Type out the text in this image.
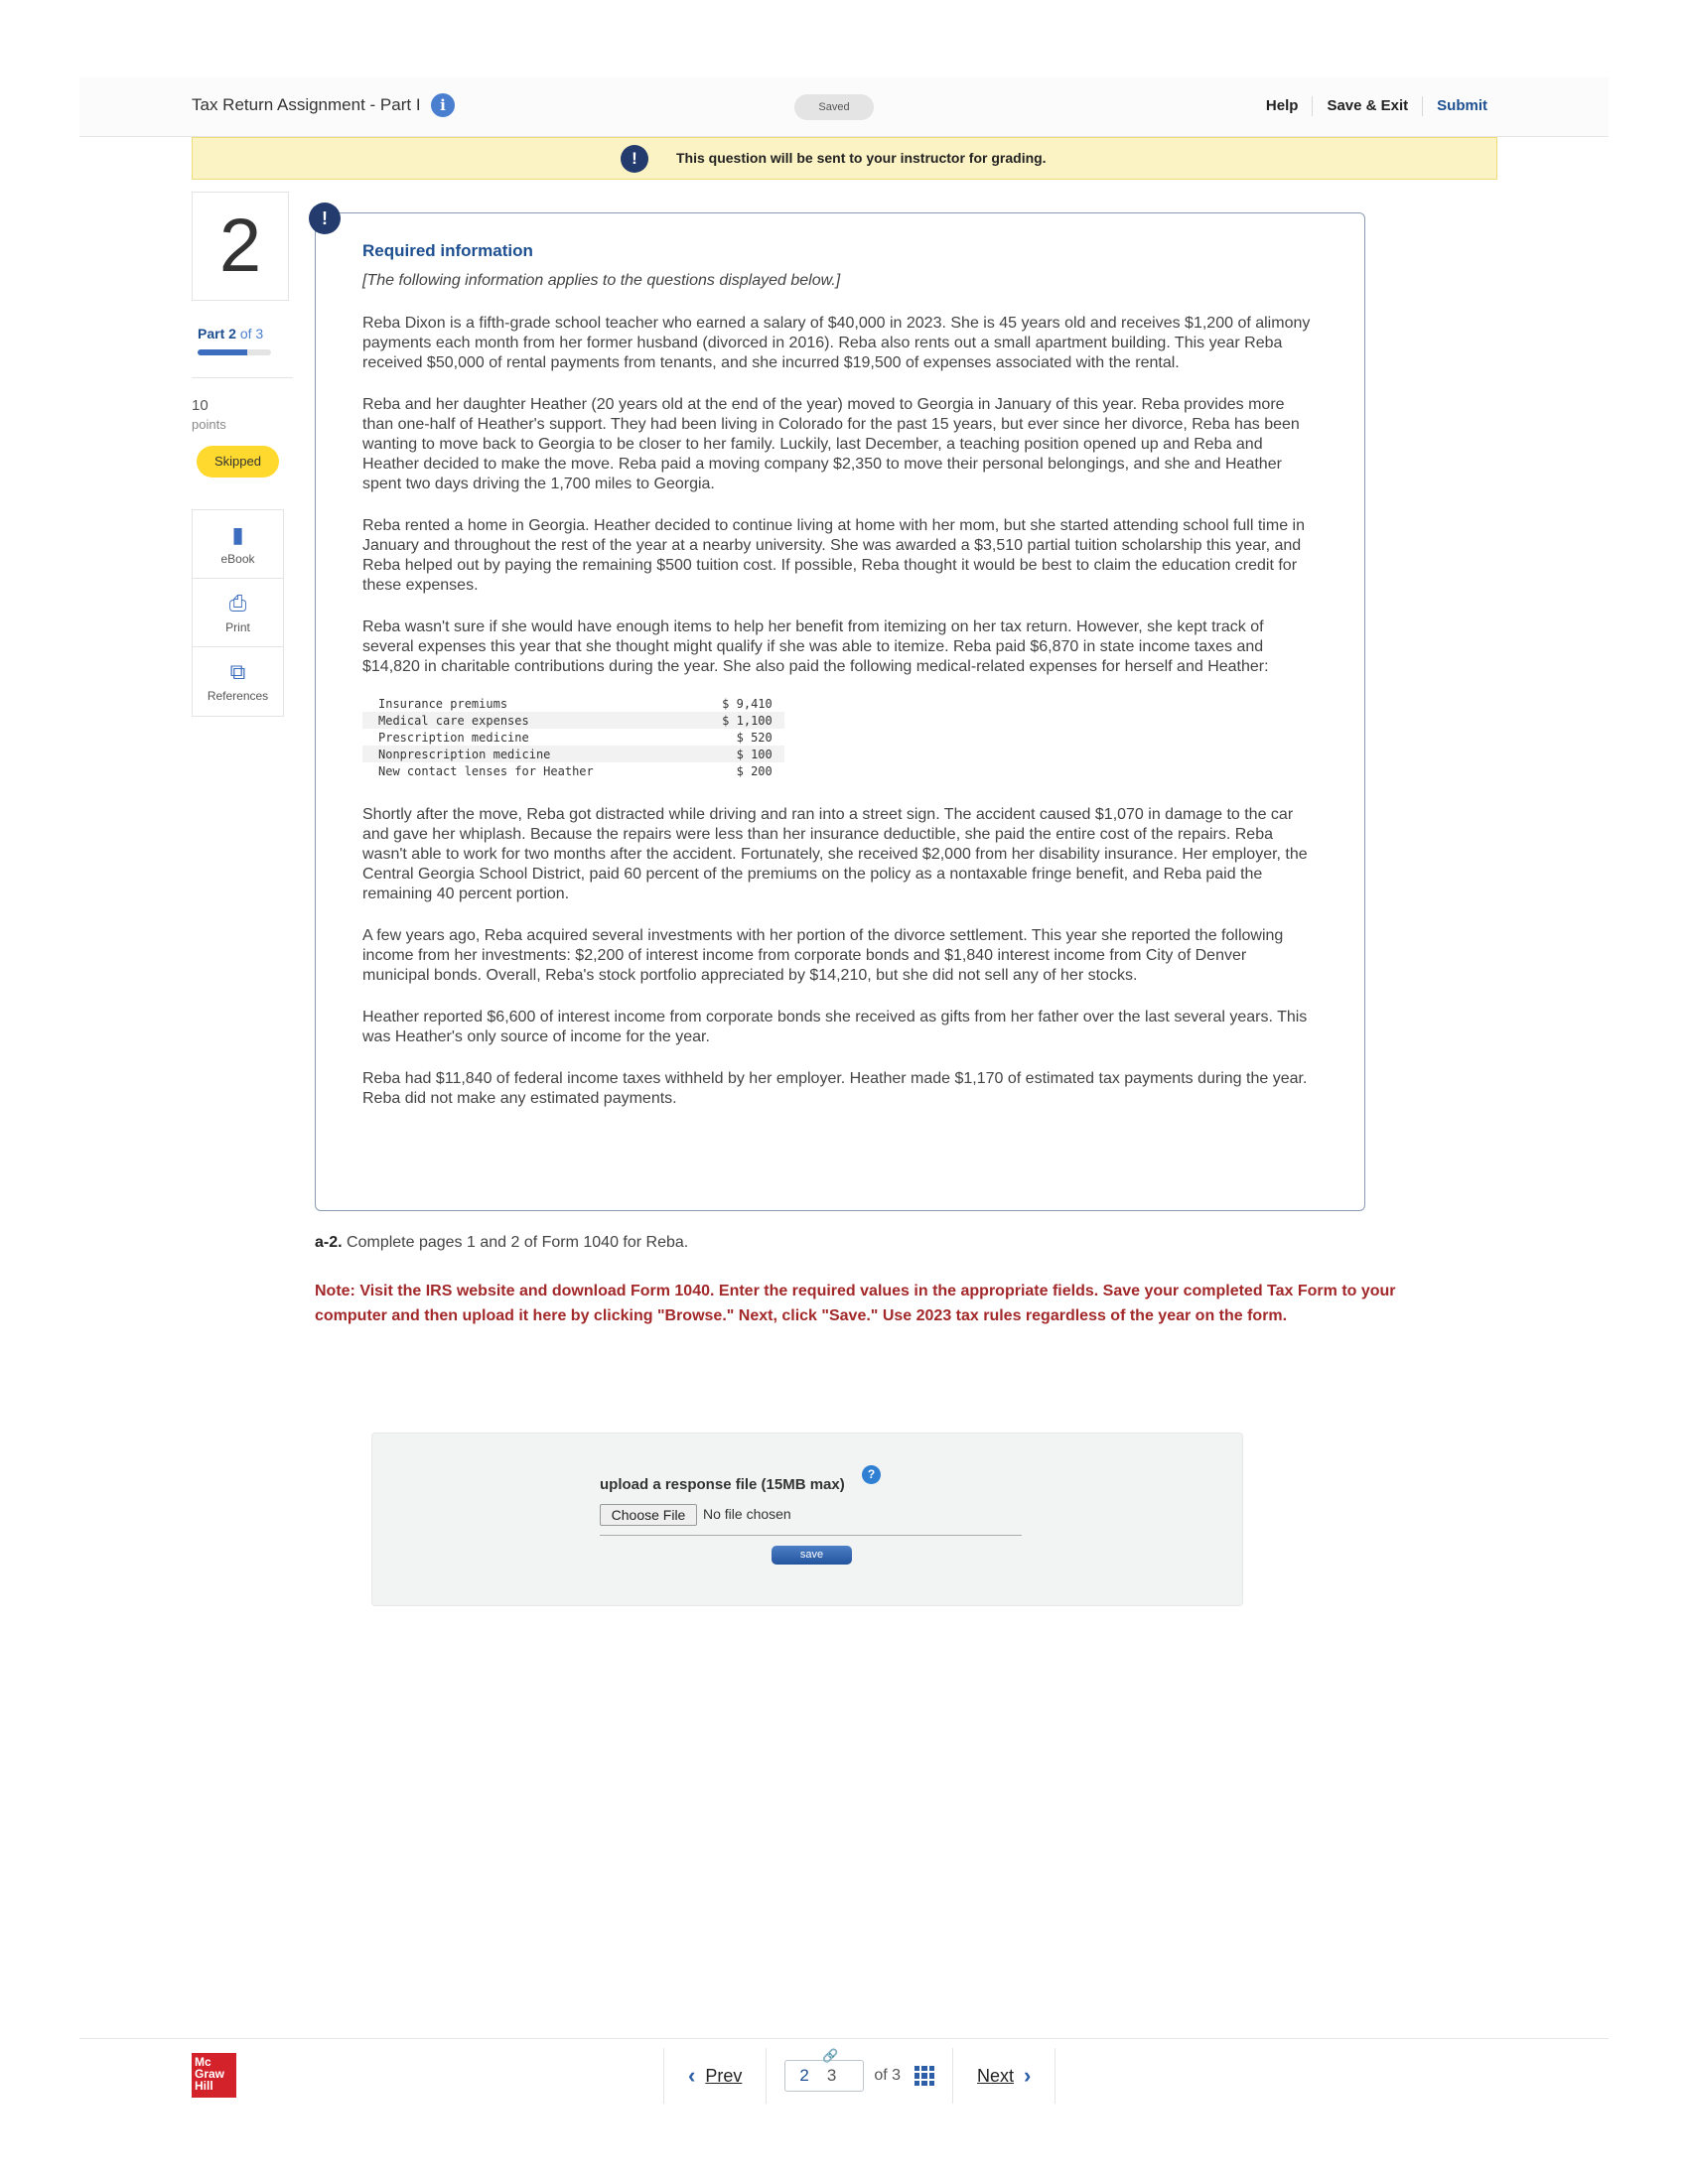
Tax Return Assignment - Part I	i	Saved	Help	Save & Exit	Submit
!	This question will be sent to your instructor for grading.
2
Part 2 of 3
10
points
Skipped
▮
eBook
⎙
Print
⧉
References
!
Required information
[The following information applies to the questions displayed below.]

Reba Dixon is a fifth-grade school teacher who earned a salary of $40,000 in 2023. She is 45 years old and receives $1,200 of alimony payments each month from her former husband (divorced in 2016). Reba also rents out a small apartment building. This year Reba received $50,000 of rental payments from tenants, and she incurred $19,500 of expenses associated with the rental.

Reba and her daughter Heather (20 years old at the end of the year) moved to Georgia in January of this year. Reba provides more than one-half of Heather's support. They had been living in Colorado for the past 15 years, but ever since her divorce, Reba has been wanting to move back to Georgia to be closer to her family. Luckily, last December, a teaching position opened up and Reba and Heather decided to make the move. Reba paid a moving company $2,350 to move their personal belongings, and she and Heather spent two days driving the 1,700 miles to Georgia.

Reba rented a home in Georgia. Heather decided to continue living at home with her mom, but she started attending school full time in January and throughout the rest of the year at a nearby university. She was awarded a $3,510 partial tuition scholarship this year, and Reba helped out by paying the remaining $500 tuition cost. If possible, Reba thought it would be best to claim the education credit for these expenses.

Reba wasn't sure if she would have enough items to help her benefit from itemizing on her tax return. However, she kept track of several expenses this year that she thought might qualify if she was able to itemize. Reba paid $6,870 in state income taxes and $14,820 in charitable contributions during the year. She also paid the following medical-related expenses for herself and Heather:

Insurance premiums	$ 9,410
Medical care expenses	$ 1,100
Prescription medicine	$ 520
Nonprescription medicine	$ 100
New contact lenses for Heather	$ 200

Shortly after the move, Reba got distracted while driving and ran into a street sign. The accident caused $1,070 in damage to the car and gave her whiplash. Because the repairs were less than her insurance deductible, she paid the entire cost of the repairs. Reba wasn't able to work for two months after the accident. Fortunately, she received $2,000 from her disability insurance. Her employer, the Central Georgia School District, paid 60 percent of the premiums on the policy as a nontaxable fringe benefit, and Reba paid the remaining 40 percent portion.

A few years ago, Reba acquired several investments with her portion of the divorce settlement. This year she reported the following income from her investments: $2,200 of interest income from corporate bonds and $1,840 interest income from City of Denver municipal bonds. Overall, Reba's stock portfolio appreciated by $14,210, but she did not sell any of her stocks.

Heather reported $6,600 of interest income from corporate bonds she received as gifts from her father over the last several years. This was Heather's only source of income for the year.

Reba had $11,840 of federal income taxes withheld by her employer. Heather made $1,170 of estimated tax payments during the year. Reba did not make any estimated payments.

a-2. Complete pages 1 and 2 of Form 1040 for Reba.
Note: Visit the IRS website and download Form 1040. Enter the required values in the appropriate fields. Save your completed Tax Form to your computer and then upload it here by clicking "Browse." Next, click "Save." Use 2023 tax rules regardless of the year on the form.
upload a response file (15MB max)
?
Choose File	No file chosen
save
Mc
Graw
Hill	‹ Prev
🔗
2 3 of 3	Next ›
